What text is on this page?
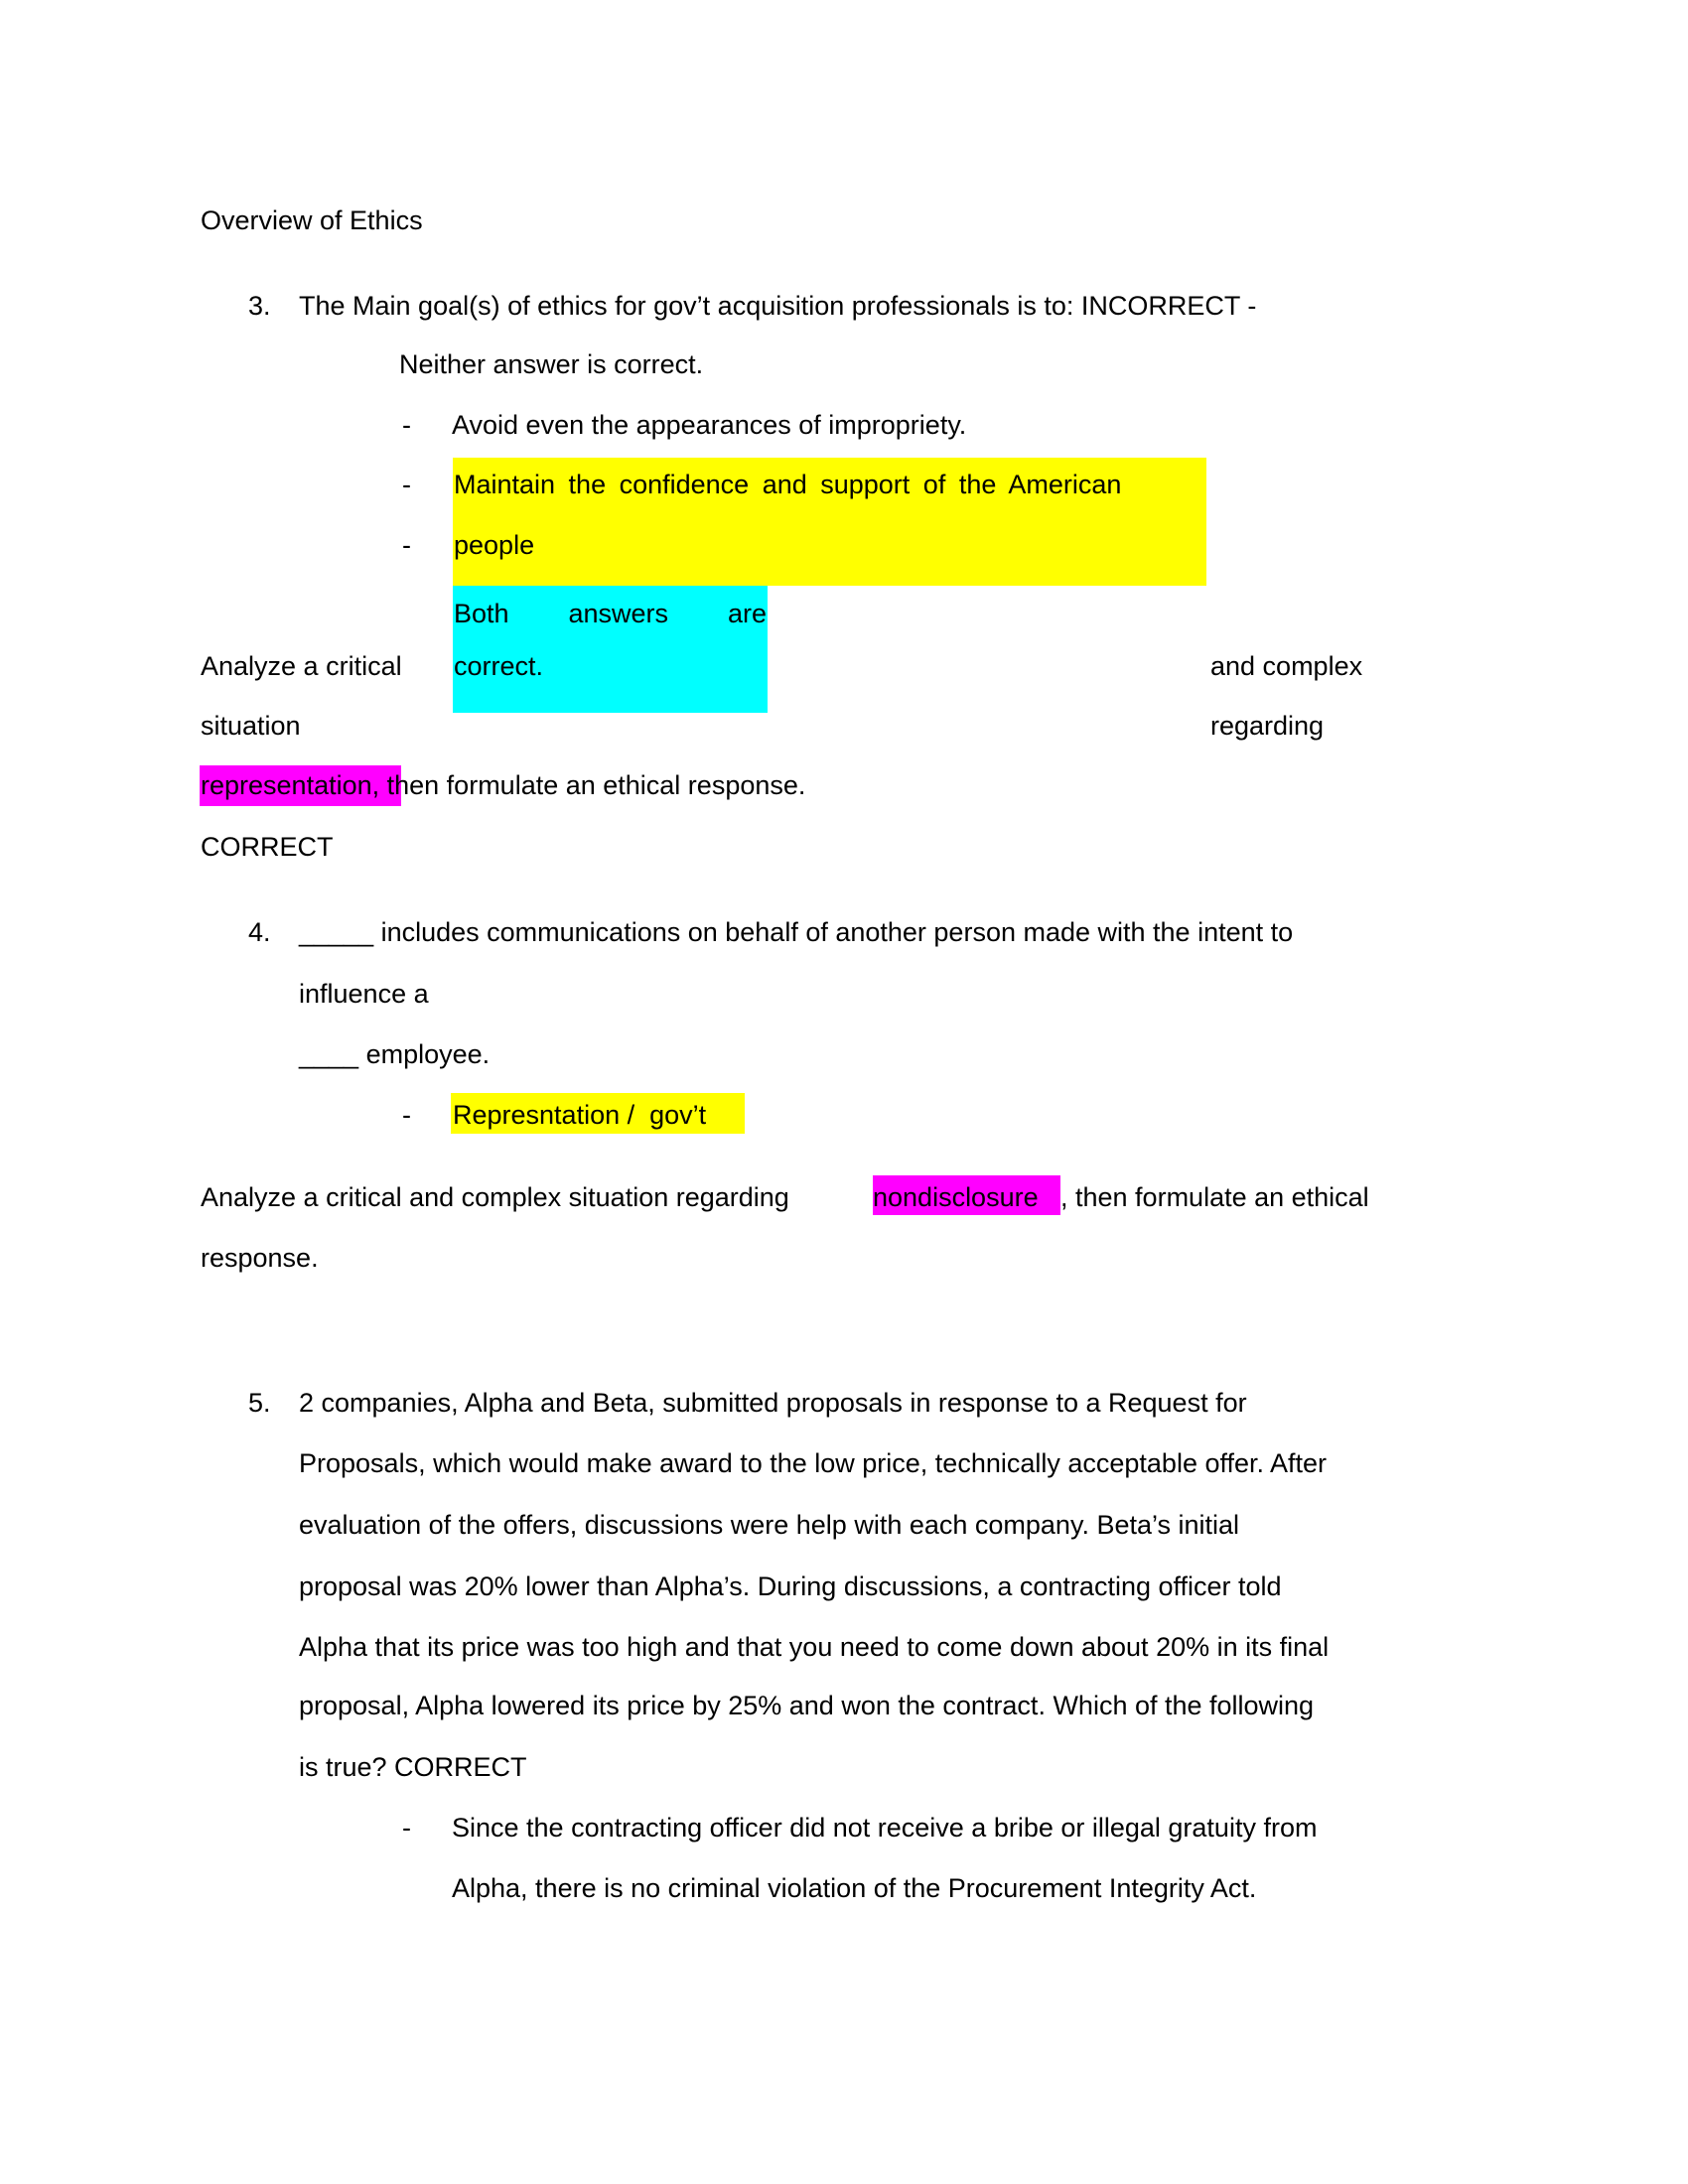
Overview of Ethics
3. The Main goal(s) of ethics for gov’t acquisition professionals is to: INCORRECT -
Neither answer is correct.
- Avoid even the appearances of impropriety.
- Maintain the confidence and support of the American
- people
Both answers are
correct.
Analyze a critical	and complex
situation	regarding
representation, then formulate an ethical response.
CORRECT
4. _____ includes communications on behalf of another person made with the intent to
influence a
____ employee.
- Represntation /  gov’t
Analyze a critical and complex situation regarding	nondisclosure , then formulate an ethical
response.
5. 2 companies, Alpha and Beta, submitted proposals in response to a Request for
Proposals, which would make award to the low price, technically acceptable offer. After
evaluation of the offers, discussions were help with each company. Beta’s initial
proposal was 20% lower than Alpha’s. During discussions, a contracting officer told
Alpha that its price was too high and that you need to come down about 20% in its final
proposal, Alpha lowered its price by 25% and won the contract. Which of the following
is true? CORRECT
- Since the contracting officer did not receive a bribe or illegal gratuity from
Alpha, there is no criminal violation of the Procurement Integrity Act.
